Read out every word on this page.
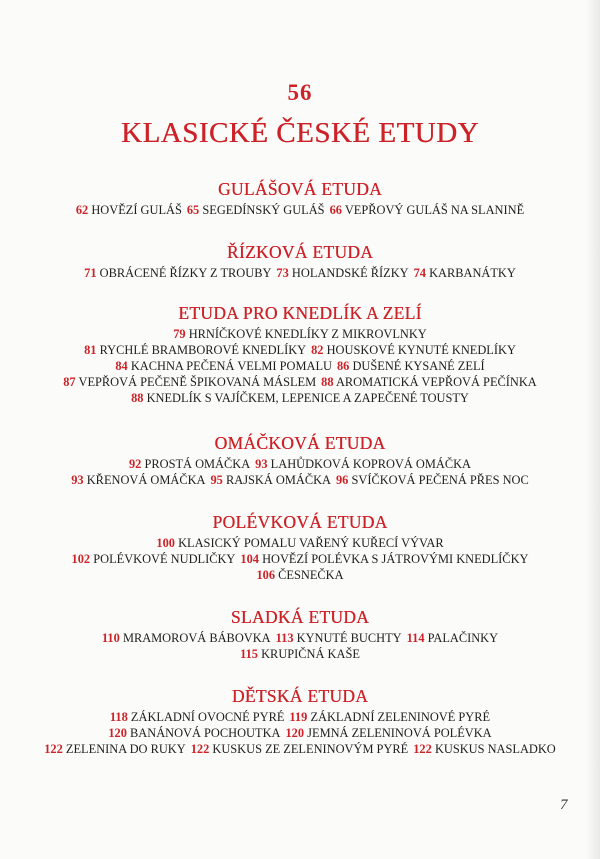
56
KLASICKÉ ČESKÉ ETUDY
GULÁŠOVÁ ETUDA
62 HOVĚZÍ GULÁŠ 65 SEGEDÍNSKÝ GULÁŠ 66 VEPŘOVÝ GULÁŠ NA SLANINĚ
ŘÍZKOVÁ ETUDA
71 OBRÁCENÉ ŘÍZKY Z TROUBY 73 HOLANDSKÉ ŘÍZKY 74 KARBANÁTKY
ETUDA PRO KNEDLÍK A ZELÍ
79 HRNÍČKOVÉ KNEDLÍKY Z MIKROVLNKY
81 RYCHLÉ BRAMBOROVÉ KNEDLÍKY 82 HOUSKOVÉ KYNUTÉ KNEDLÍKY
84 KACHNA PEČENÁ VELMI POMALU 86 DUŠENÉ KYSANÉ ZELÍ
87 VEPŘOVÁ PEČENĚ ŠPIKOVANÁ MÁSLEM 88 AROMATICKÁ VEPŘOVÁ PEČÍNKA
88 KNEDLÍK S VAJÍČKEM, LEPENICE A ZAPEČENÉ TOUSTY
OMÁČKOVÁ ETUDA
92 PROSTÁ OMÁČKA 93 LAHŮDKOVÁ KOPROVÁ OMÁČKA
93 KŘENOVÁ OMÁČKA 95 RAJSKÁ OMÁČKA 96 SVÍČKOVÁ PEČENÁ PŘES NOC
POLÉVKOVÁ ETUDA
100 KLASICKÝ POMALU VAŘENÝ KUŘECÍ VÝVAR
102 POLÉVKOVÉ NUDLIČKY 104 HOVĚZÍ POLÉVKA S JÁTROVÝMI KNEDLÍČKY
106 ČESNEČKA
SLADKÁ ETUDA
110 MRAMOROVÁ BÁBOVKA 113 KYNUTÉ BUCHTY 114 PALAČINKY
115 KRUPIČNÁ KAŠE
DĚTSKÁ ETUDA
118 ZÁKLADNÍ OVOCNÉ PYRÉ 119 ZÁKLADNÍ ZELENINOVÉ PYRÉ
120 BANÁNOVÁ POCHOUTKA 120 JEMNÁ ZELENINOVÁ POLÉVKA
122 ZELENINA DO RUKY 122 KUSKUS ZE ZELENINOVÝM PYRÉ 122 KUSKUS NASLADKO
7
